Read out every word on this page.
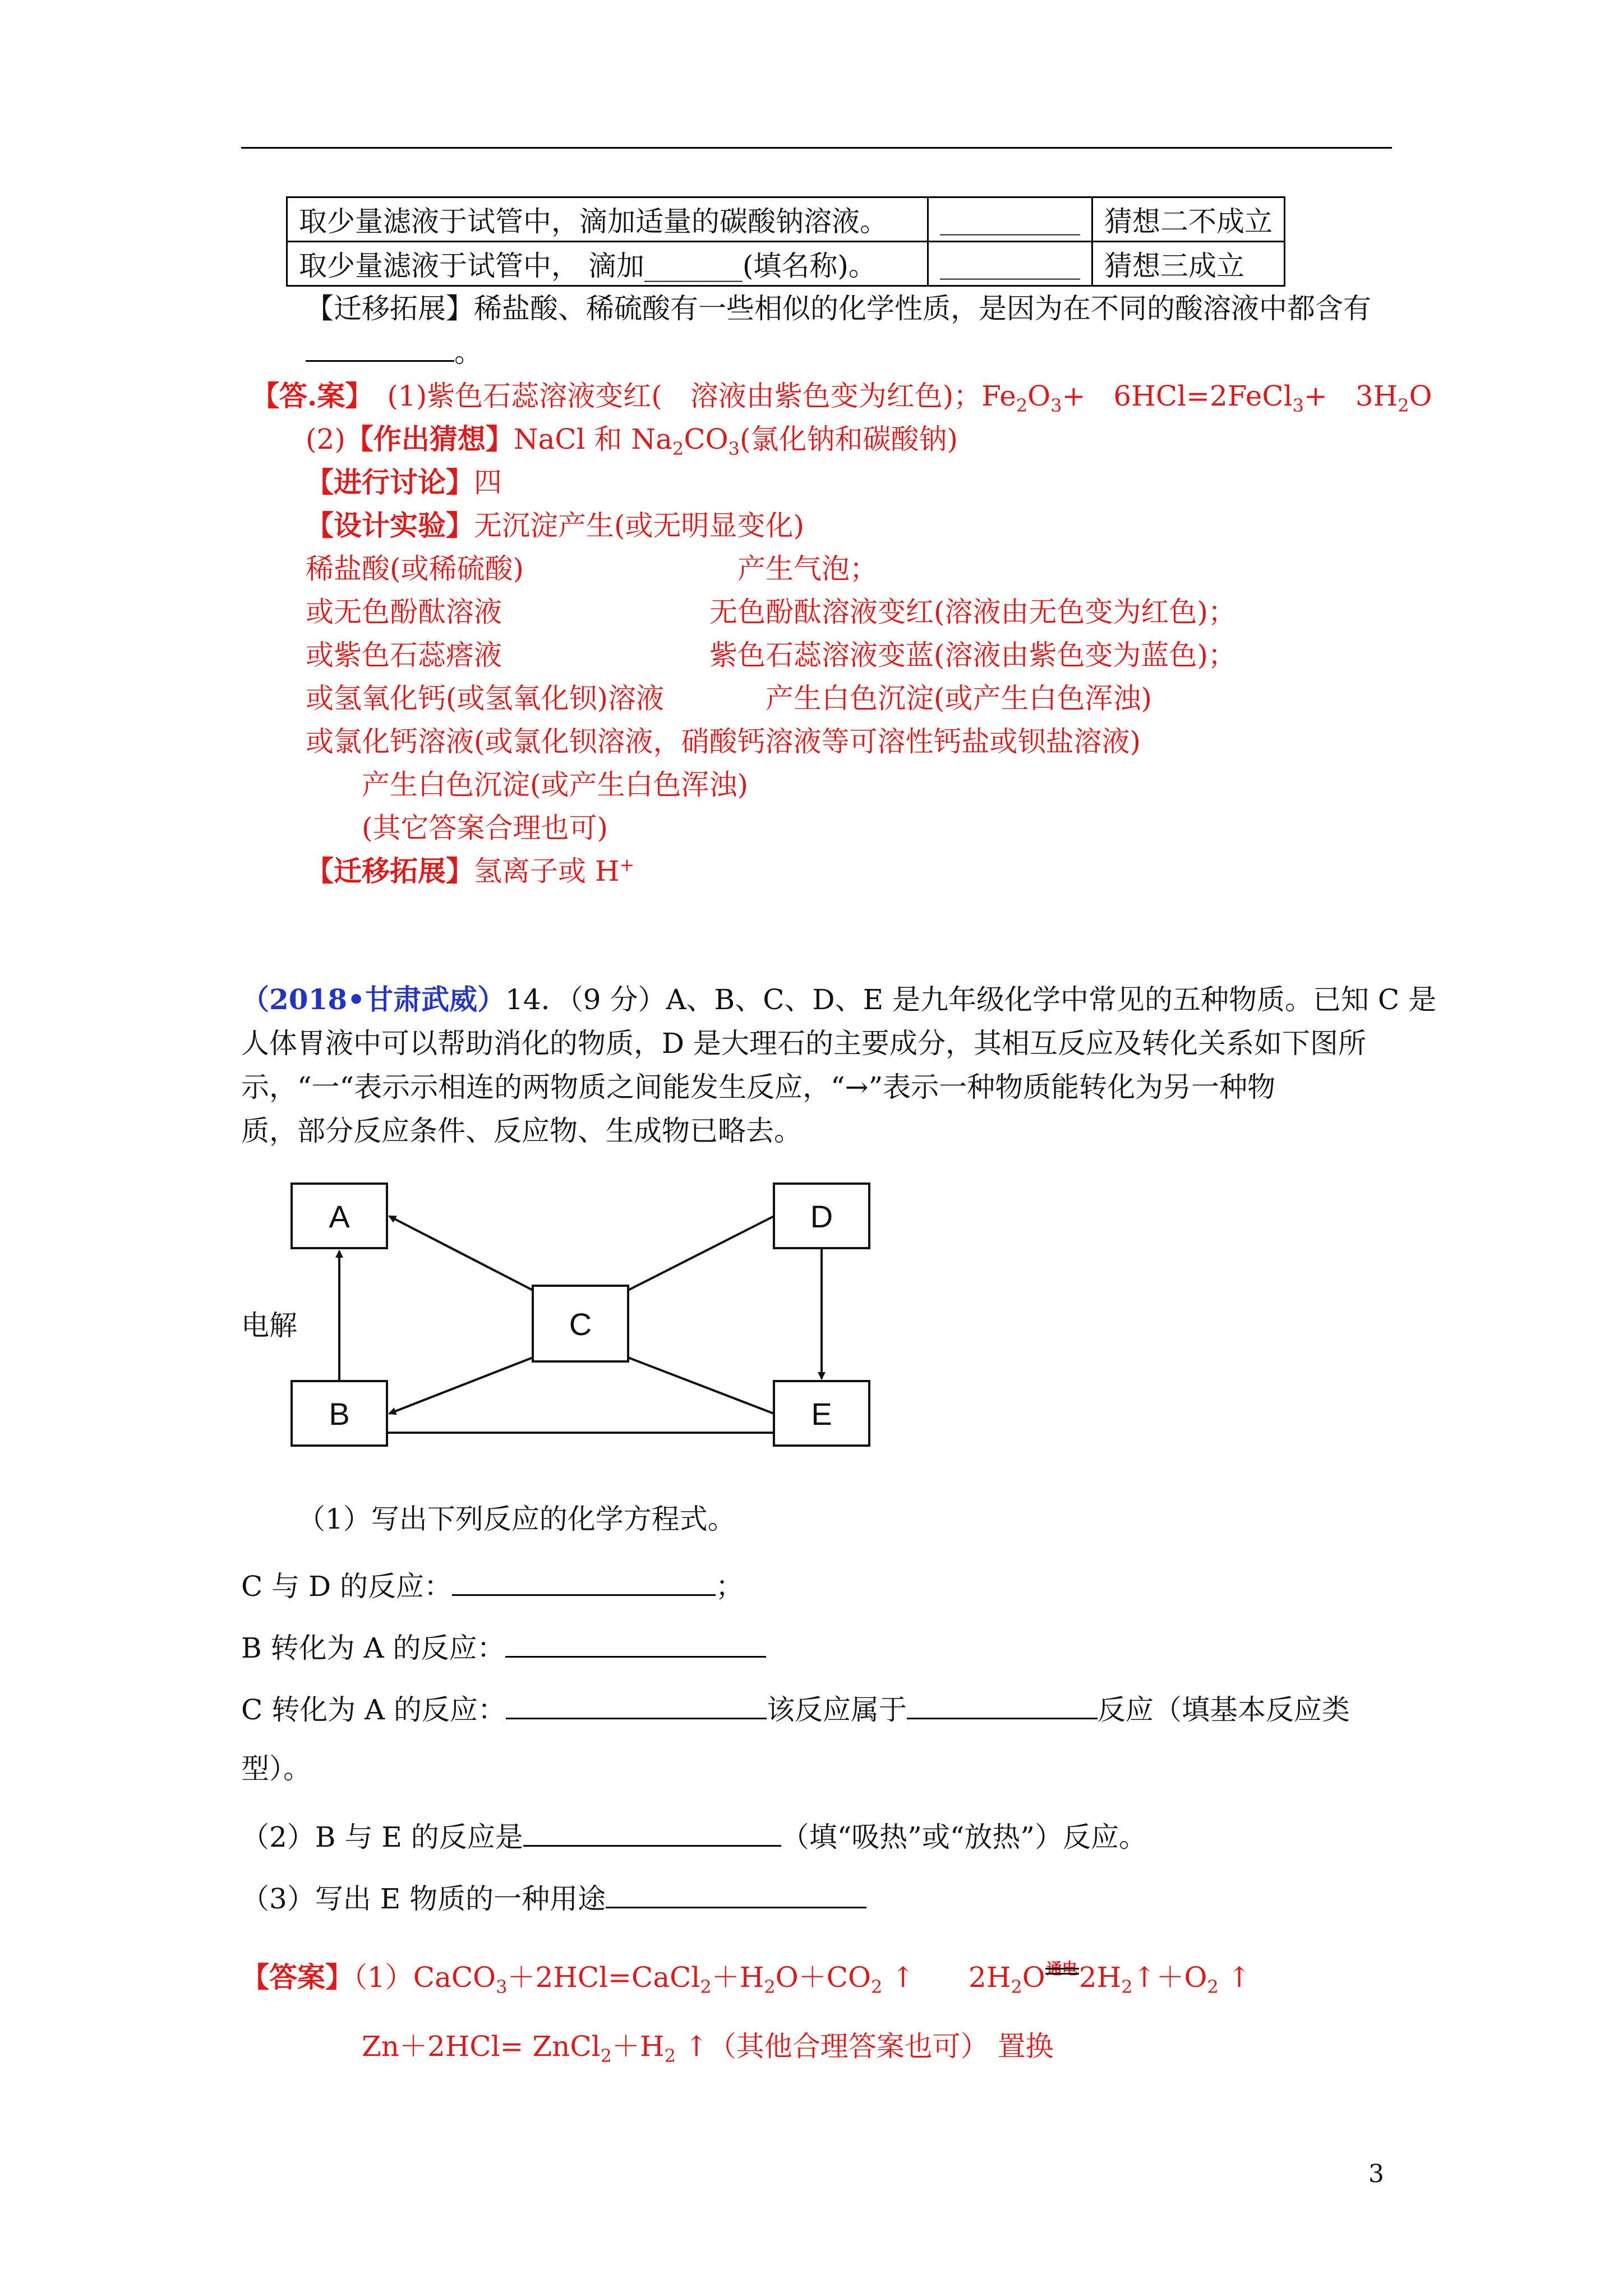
取少量滤液于试管中，滴加适量的碳酸钠溶液。	__________	猜想二不成立
取少量滤液于试管中， 滴加_______(填名称)。	__________	猜想三成立
【迁移拓展】稀盐酸、稀硫酸有一些相似的化学性质，是因为在不同的酸溶液中都含有
。
【答.案】　 (1)紫色石蕊溶液变红(　溶液由紫色变为红色)；$Fe_2O_3+$　6HCl=2FeCl$_3$+　$3H_2O$
(2)【作出猜想】NaCl 和 $Na_2CO_3$(氯化钠和碳酸钠)
【进行讨论】四
【设计实验】无沉淀产生(或无明显变化)
稀盐酸(或稀硫酸)	产生气泡；
或无色酚酞溶液	无色酚酞溶液变红(溶液由无色变为红色)；
或紫色石蕊瘩液	紫色石蕊溶液变蓝(溶液由紫色变为蓝色)；
或氢氧化钙(或氢氧化钡)溶液	产生白色沉淀(或产生白色浑浊)
或氯化钙溶液(或氯化钡溶液，硝酸钙溶液等可溶性钙盐或钡盐溶液)
产生白色沉淀(或产生白色浑浊)
(其它答案合理也可)
【迁移拓展】氢离子或 H+
（2018•甘肃武威）14．（9 分）A、B、C、D、E 是九年级化学中常见的五种物质。已知 C 是
人体胃液中可以帮助消化的物质，D 是大理石的主要成分，其相互反应及转化关系如下图所
示，“一“表示示相连的两物质之间能发生反应，“→”表示一种物质能转化为另一种物
质，部分反应条件、反应物、生成物已略去。
A
B
C
D
E
电解
（1）写出下列反应的化学方程式。
C 与 D 的反应：	；
B 转化为 A 的反应：
C 转化为 A 的反应：	该反应属于	反应（填基本反应类
型）。
（2）B 与 E 的反应是	（填“吸热”或“放热”）反应。
（3）写出 E 物质的一种用途
【答案】$(1)CaCO_3+2HCl=CaCl_2+H_2O+CO_2$ ↑ $2H_2O$ 通电 $2H_2↑+O_2$ ↑
$Zn+2HCl= ZnCl_2+H_2$ ↑（其他合理答案也可） 置换
3
